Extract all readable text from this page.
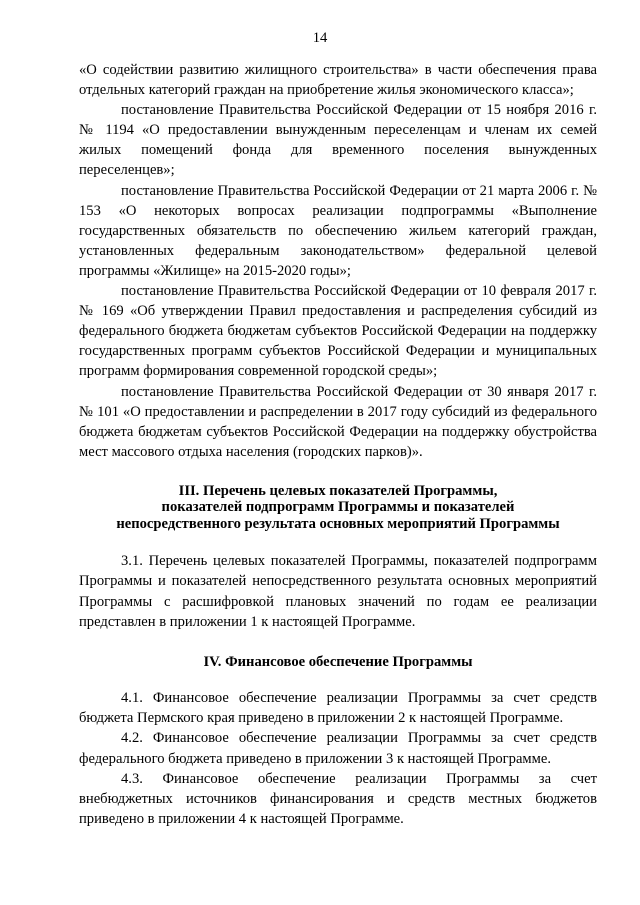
14

«О содействии развитию жилищного строительства» в части обеспечения права отдельных категорий граждан на приобретение жилья экономического класса»;

постановление Правительства Российской Федерации от 15 ноября 2016 г. № 1194 «О предоставлении вынужденным переселенцам и членам их семей жилых помещений фонда для временного поселения вынужденных переселенцев»;

постановление Правительства Российской Федерации от 21 марта 2006 г. № 153 «О некоторых вопросах реализации подпрограммы «Выполнение государственных обязательств по обеспечению жильем категорий граждан, установленных федеральным законодательством» федеральной целевой программы «Жилище» на 2015-2020 годы»;

постановление Правительства Российской Федерации от 10 февраля 2017 г. № 169 «Об утверждении Правил предоставления и распределения субсидий из федерального бюджета бюджетам субъектов Российской Федерации на поддержку государственных программ субъектов Российской Федерации и муниципальных программ формирования современной городской среды»;

постановление Правительства Российской Федерации от 30 января 2017 г. № 101 «О предоставлении и распределении в 2017 году субсидий из федерального бюджета бюджетам субъектов Российской Федерации на поддержку обустройства мест массового отдыха населения (городских парков)».

III. Перечень целевых показателей Программы,
показателей подпрограмм Программы и показателей
непосредственного результата основных мероприятий Программы

3.1. Перечень целевых показателей Программы, показателей подпрограмм Программы и показателей непосредственного результата основных мероприятий Программы с расшифровкой плановых значений по годам ее реализации представлен в приложении 1 к настоящей Программе.

IV. Финансовое обеспечение Программы

4.1. Финансовое обеспечение реализации Программы за счет средств бюджета Пермского края приведено в приложении 2 к настоящей Программе.

4.2. Финансовое обеспечение реализации Программы за счет средств федерального бюджета приведено в приложении 3 к настоящей Программе.

4.3. Финансовое обеспечение реализации Программы за счет внебюджетных источников финансирования и средств местных бюджетов приведено в приложении 4 к настоящей Программе.
